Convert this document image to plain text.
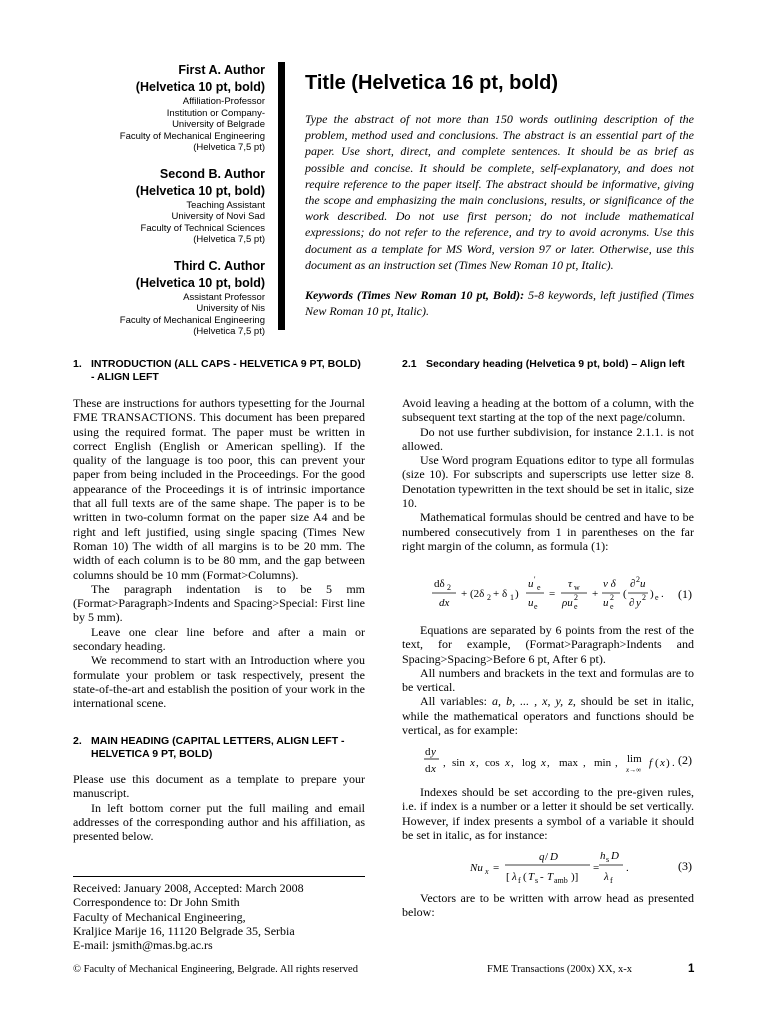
First A. Author
(Helvetica 10 pt, bold)
Affiliation-Professor
Institution or Company-
University of Belgrade
Faculty of Mechanical Engineering
(Helvetica 7,5 pt)
Second B. Author
(Helvetica 10 pt, bold)
Teaching Assistant
University of Novi Sad
Faculty of Technical Sciences
(Helvetica 7,5 pt)
Third C. Author
(Helvetica 10 pt, bold)
Assistant Professor
University of Nis
Faculty of Mechanical Engineering
(Helvetica 7,5 pt)
Title (Helvetica 16 pt, bold)

Type the abstract of not more than 150 words outlining description of the problem, method used and conclusions. The abstract is an essential part of the paper. Use short, direct, and complete sentences. It should be as brief as possible and concise. It should be complete, self-explanatory, and does not require reference to the paper itself. The abstract should be informative, giving the scope and emphasizing the main conclusions, results, or significance of the work described. Do not use first person; do not include mathematical expressions; do not refer to the reference, and try to avoid acronyms. Use this document as a template for MS Word, version 97 or later. Otherwise, use this document as an instruction set (Times New Roman 10 pt, Italic).

Keywords (Times New Roman 10 pt, Bold): 5-8 keywords, left justified (Times New Roman 10 pt, Italic).

1. INTRODUCTION (ALL CAPS - HELVETICA 9 PT, BOLD) - ALIGN LEFT

These are instructions for authors typesetting for the Journal FME TRANSACTIONS. This document has been prepared using the required format. The paper must be written in correct English (English or American spelling). If the quality of the language is too poor, this can prevent your paper from being included in the Proceedings. For the good appearance of the Proceedings it is of intrinsic importance that all full texts are of the same shape. The paper is to be written in two-column format on the paper size A4 and be right and left justified, using single spacing (Times New Roman 10) The width of all margins is to be 20 mm. The width of each column is to be 80 mm, and the gap between columns should be 10 mm (Format>Columns).

The paragraph indentation is to be 5 mm (Format>Paragraph>Indents and Spacing>Special: First line by 5 mm).

Leave one clear line before and after a main or secondary heading.

We recommend to start with an Introduction where you formulate your problem or task respectively, present the state-of-the-art and establish the position of your work in the international scene.

2. MAIN HEADING (CAPITAL LETTERS, ALIGN LEFT - HELVETICA 9 PT, BOLD)

Please use this document as a template to prepare your manuscript.

In left bottom corner put the full mailing and email addresses of the corresponding author and his affiliation, as presented below.

Received: January 2008, Accepted: March 2008
Correspondence to: Dr John Smith
Faculty of Mechanical Engineering,
Kraljice Marije 16, 11120 Belgrade 35, Serbia
E-mail: jsmith@mas.bg.ac.rs
2.1 Secondary heading (Helvetica 9 pt, bold) – Align left

Avoid leaving a heading at the bottom of a column, with the subsequent text starting at the top of the next page/column.

Do not use further subdivision, for instance 2.1.1. is not allowed.

Use Word program Equations editor to type all formulas (size 10). For subscripts and superscripts use letter size 8. Denotation typewritten in the text should be set in italic, size 10.

Mathematical formulas should be centred and have to be numbered consecutively from 1 in parentheses on the far right margin of the column, as formula (1):

dδ 2
dx
+ (2δ 2 + δ 1 )
u '
e
u e
=
τ w
ρu 2
e
+
ν δ
u 2
e
(
∂ 2 u
∂ y 2 ) e . (1)

Equations are separated by 6 points from the rest of the text, for example, (Format>Paragraph>Indents and Spacing>Spacing>Before 6 pt, After 6 pt).

All numbers and brackets in the text and formulas are to be vertical.

All variables: a, b, ... , x, y, z, should be set in italic, while the mathematical operators and functions should be vertical, as for example:

d y
d x , sin x , cos x , log x , max , min , lim
x→∞
f ( x ) . (2)

Indexes should be set according to the pre-given rules, i.e. if index is a number or a letter it should be set vertically. However, if index presents a symbol of a variable it should be set in italic, as for instance:

Nu x =
q / D
[ λ f ( T s - T amb )]
=
h s D
λ f
.	(3)

Vectors are to be written with arrow head as presented below:

© Faculty of Mechanical Engineering, Belgrade. All rights reserved	FME Transactions (200x) XX, x-x	1
